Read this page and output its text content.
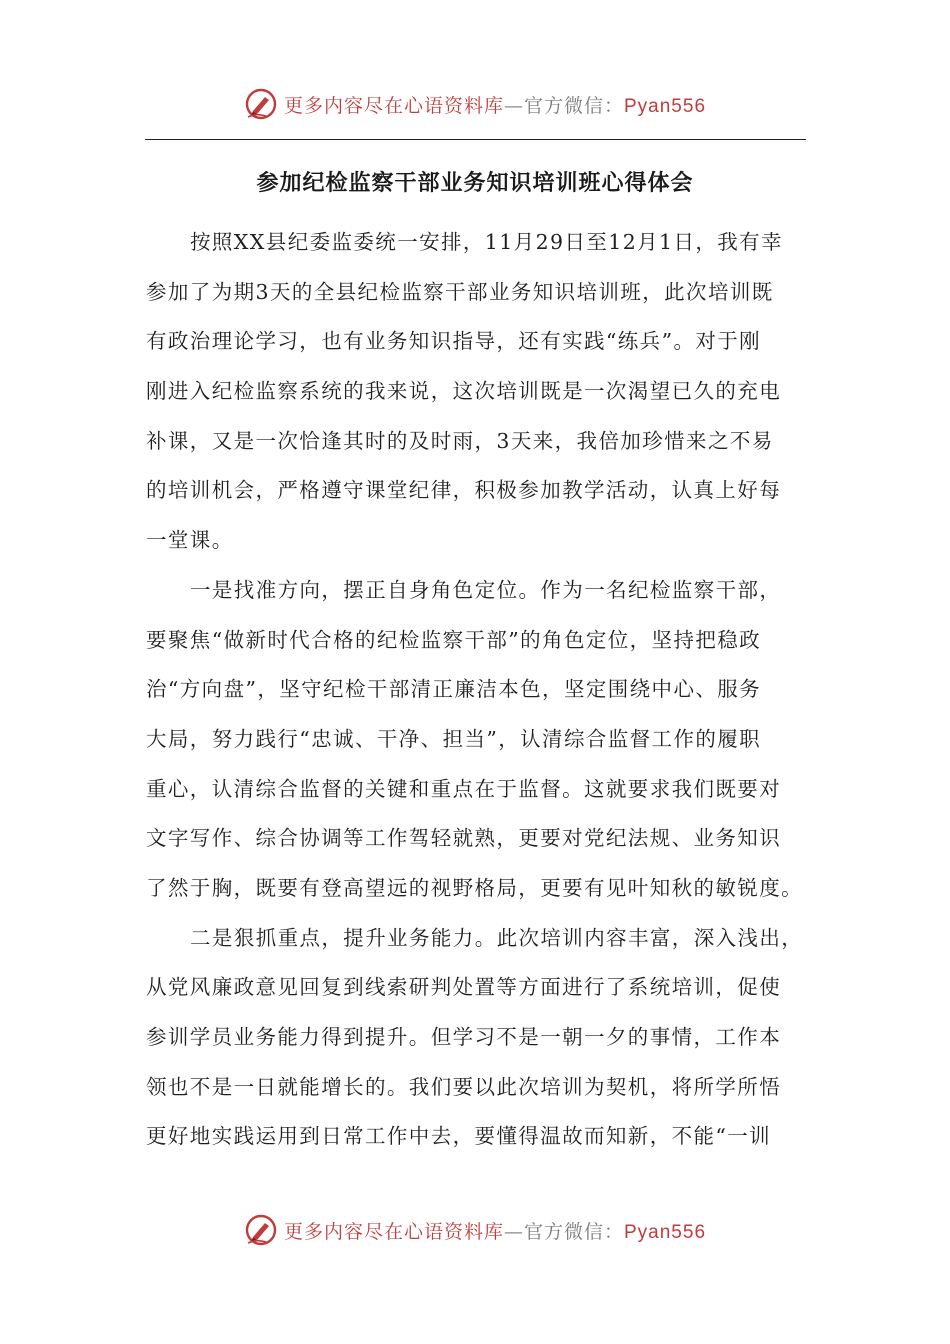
更多内容尽在心语资料库—官方微信：Pyan556
参加纪检监察干部业务知识培训班心得体会
按照XX县纪委监委统一安排，11月29日至12月1日，我有幸
参加了为期3天的全县纪检监察干部业务知识培训班，此次培训既
有政治理论学习，也有业务知识指导，还有实践“练兵”。对于刚
刚进入纪检监察系统的我来说，这次培训既是一次渴望已久的充电
补课，又是一次恰逢其时的及时雨，3天来，我倍加珍惜来之不易
的培训机会，严格遵守课堂纪律，积极参加教学活动，认真上好每
一堂课。
一是找准方向，摆正自身角色定位。作为一名纪检监察干部，
要聚焦“做新时代合格的纪检监察干部”的角色定位，坚持把稳政
治“方向盘”，坚守纪检干部清正廉洁本色，坚定围绕中心、服务
大局，努力践行“忠诚、干净、担当”，认清综合监督工作的履职
重心，认清综合监督的关键和重点在于监督。这就要求我们既要对
文字写作、综合协调等工作驾轻就熟，更要对党纪法规、业务知识
了然于胸，既要有登高望远的视野格局，更要有见叶知秋的敏锐度。
二是狠抓重点，提升业务能力。此次培训内容丰富，深入浅出，
从党风廉政意见回复到线索研判处置等方面进行了系统培训，促使
参训学员业务能力得到提升。但学习不是一朝一夕的事情，工作本
领也不是一日就能增长的。我们要以此次培训为契机，将所学所悟
更好地实践运用到日常工作中去，要懂得温故而知新，不能“一训
更多内容尽在心语资料库—官方微信：Pyan556
